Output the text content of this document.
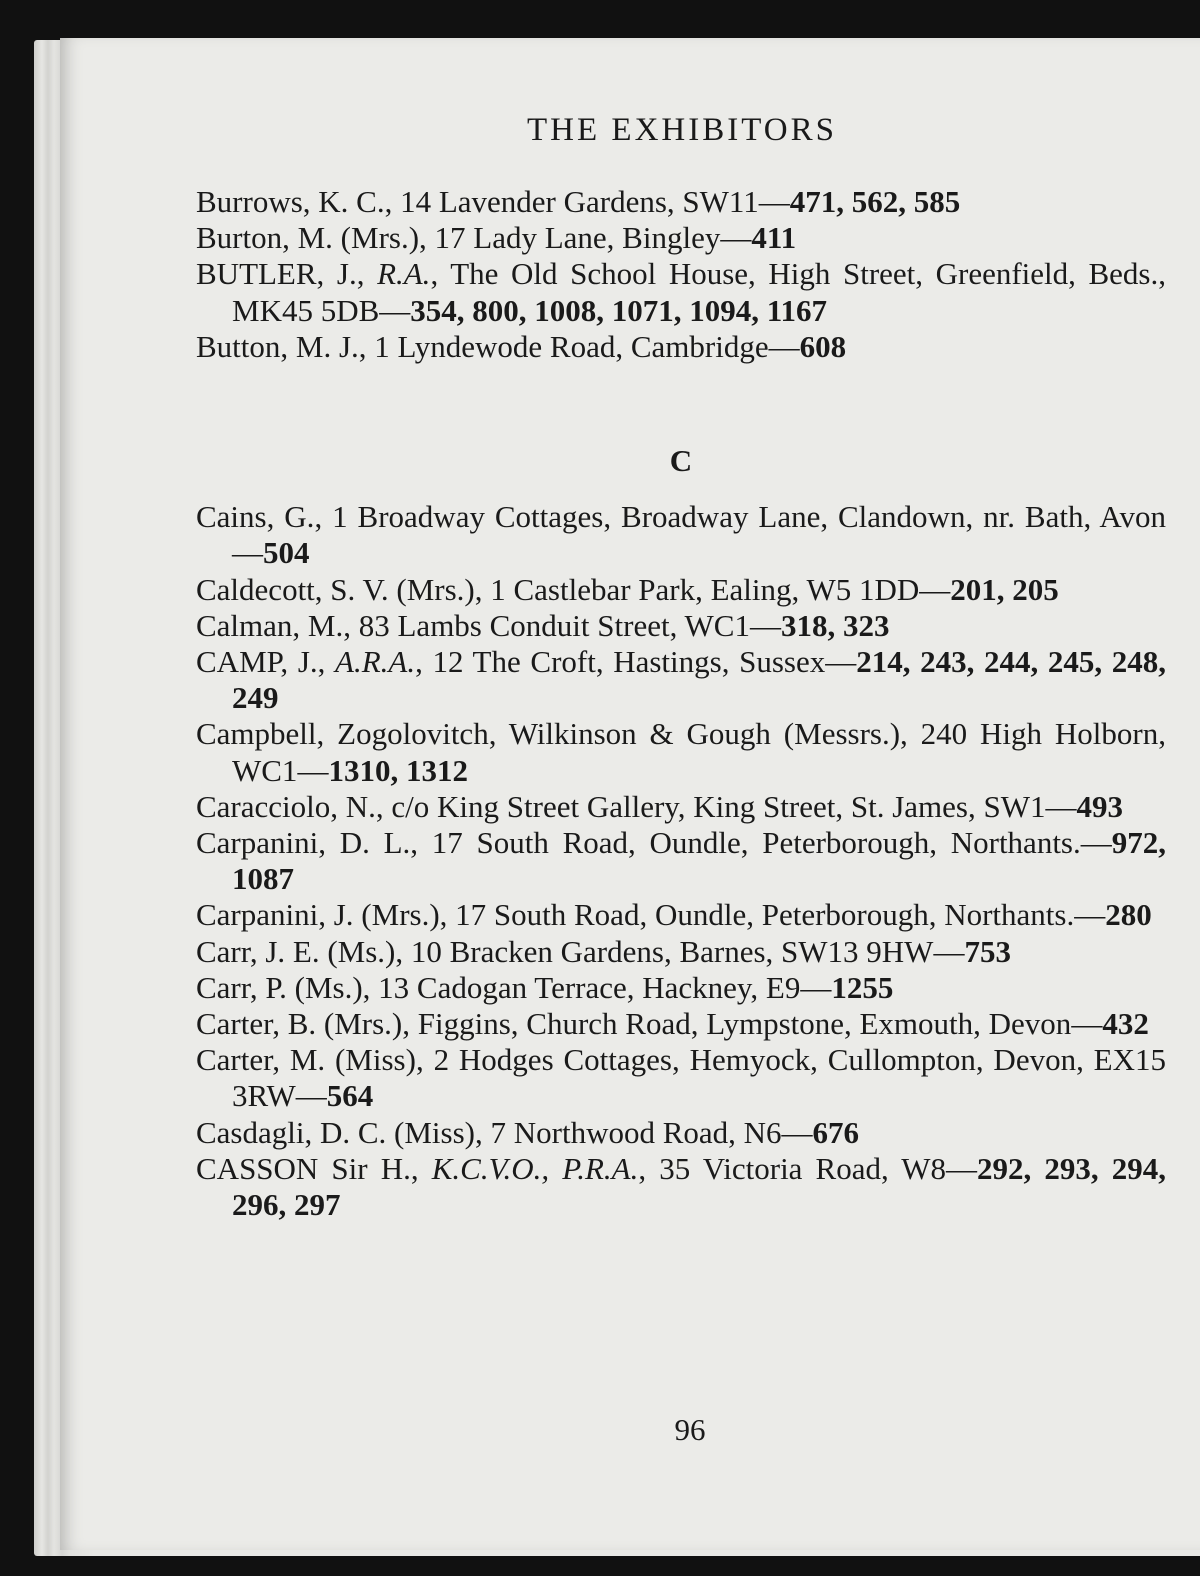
THE EXHIBITORS
Burrows, K. C., 14 Lavender Gardens, SW11—471, 562, 585
Burton, M. (Mrs.), 17 Lady Lane, Bingley—411
BUTLER, J., R.A., The Old School House, High Street, Greenfield, Beds., MK45 5DB—354, 800, 1008, 1071, 1094, 1167
Button, M. J., 1 Lyndewode Road, Cambridge—608
C
Cains, G., 1 Broadway Cottages, Broadway Lane, Clandown, nr. Bath, Avon—504
Caldecott, S. V. (Mrs.), 1 Castlebar Park, Ealing, W5 1DD—201, 205
Calman, M., 83 Lambs Conduit Street, WC1—318, 323
CAMP, J., A.R.A., 12 The Croft, Hastings, Sussex—214, 243, 244, 245, 248, 249
Campbell, Zogolovitch, Wilkinson & Gough (Messrs.), 240 High Holborn, WC1—1310, 1312
Caracciolo, N., c/o King Street Gallery, King Street, St. James, SW1—493
Carpanini, D. L., 17 South Road, Oundle, Peterborough, Northants.—972, 1087
Carpanini, J. (Mrs.), 17 South Road, Oundle, Peterborough, Northants.—280
Carr, J. E. (Ms.), 10 Bracken Gardens, Barnes, SW13 9HW—753
Carr, P. (Ms.), 13 Cadogan Terrace, Hackney, E9—1255
Carter, B. (Mrs.), Figgins, Church Road, Lympstone, Exmouth, Devon—432
Carter, M. (Miss), 2 Hodges Cottages, Hemyock, Cullompton, Devon, EX15 3RW—564
Casdagli, D. C. (Miss), 7 Northwood Road, N6—676
CASSON Sir H., K.C.V.O., P.R.A., 35 Victoria Road, W8—292, 293, 294, 296, 297
96
